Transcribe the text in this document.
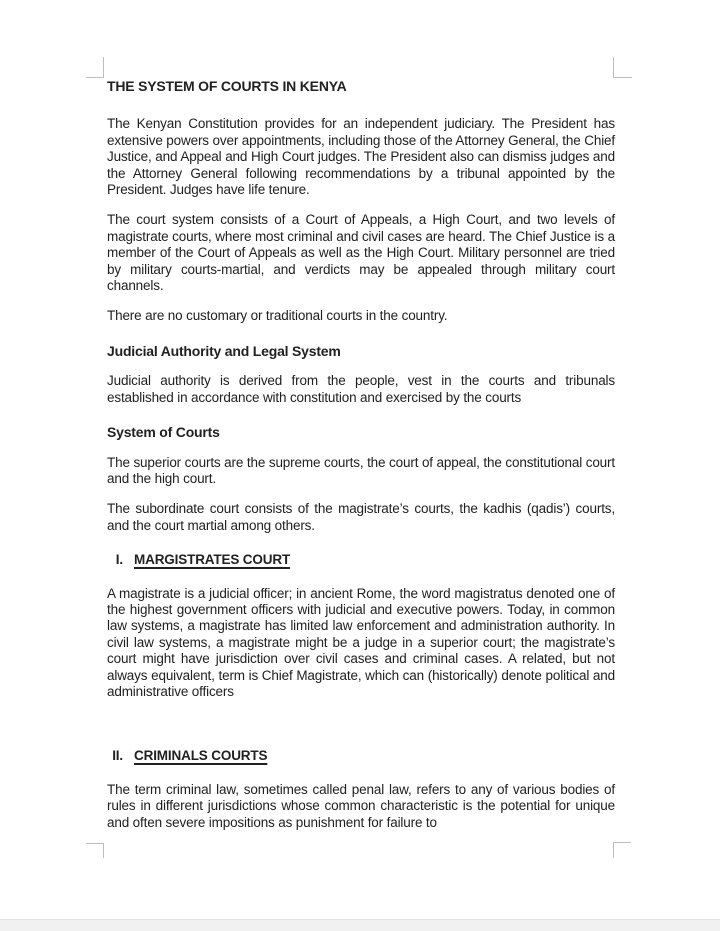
THE SYSTEM OF COURTS IN KENYA

The Kenyan Constitution provides for an independent judiciary. The President has extensive powers over appointments, including those of the Attorney General, the Chief Justice, and Appeal and High Court judges. The President also can dismiss judges and the Attorney General following recommendations by a tribunal appointed by the President. Judges have life tenure.

The court system consists of a Court of Appeals, a High Court, and two levels of magistrate courts, where most criminal and civil cases are heard. The Chief Justice is a member of the Court of Appeals as well as the High Court. Military personnel are tried by military courts-martial, and verdicts may be appealed through military court channels.

There are no customary or traditional courts in the country.

Judicial Authority and Legal System

Judicial authority is derived from the people, vest in the courts and tribunals established in accordance with constitution and exercised by the courts

System of Courts

The superior courts are the supreme courts, the court of appeal, the constitutional court and the high court.

The subordinate court consists of the magistrate’s courts, the kadhis (qadis’) courts, and the court martial among others.

I. MARGISTRATES COURT

A magistrate is a judicial officer; in ancient Rome, the word magistratus denoted one of the highest government officers with judicial and executive powers. Today, in common law systems, a magistrate has limited law enforcement and administration authority. In civil law systems, a magistrate might be a judge in a superior court; the magistrate’s court might have jurisdiction over civil cases and criminal cases. A related, but not always equivalent, term is Chief Magistrate, which can (historically) denote political and administrative officers

II. CRIMINALS COURTS

The term criminal law, sometimes called penal law, refers to any of various bodies of rules in different jurisdictions whose common characteristic is the potential for unique and often severe impositions as punishment for failure to
